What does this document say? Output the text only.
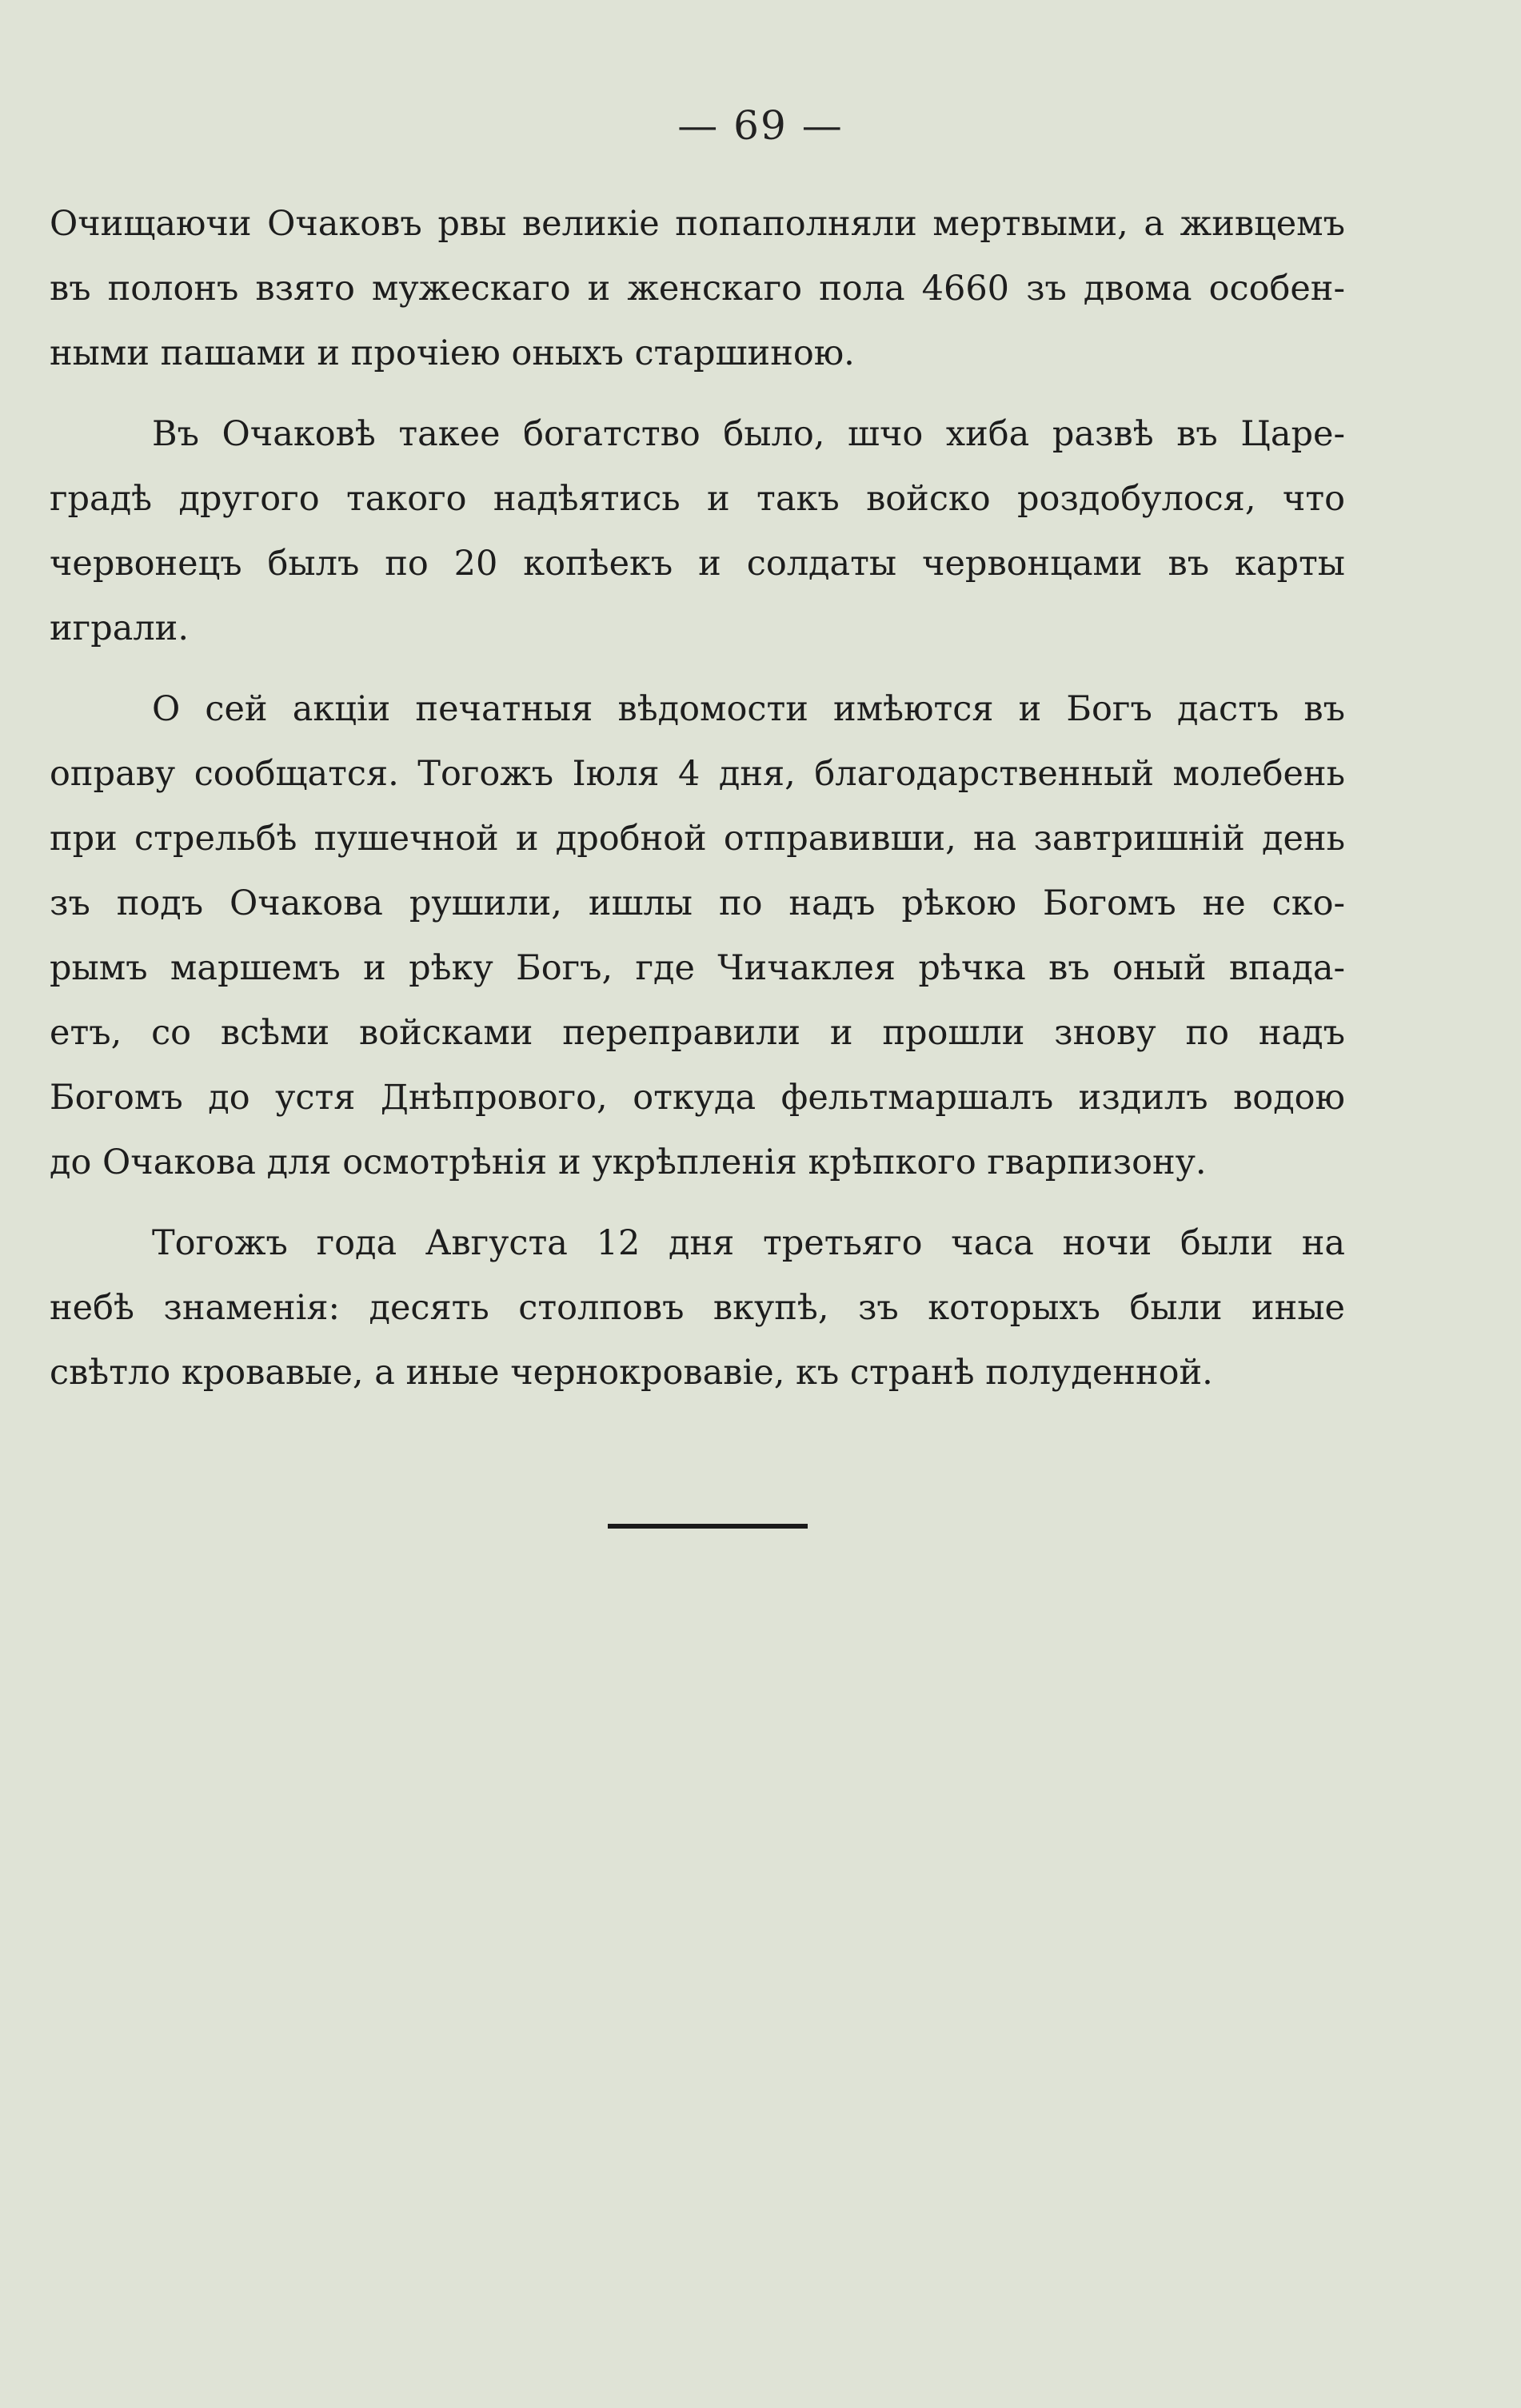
— 69 —
Очищаючи Очаковъ рвы великіе попаполняли мертвыми, а живцемъ
въ полонъ взято мужескаго и женскаго пола 4660 зъ двома особен-
ными пашами и прочіею оныхъ старшиною.
Въ Очаковѣ такее богатство было, шчо хиба развѣ въ Царе-
градѣ другого такого надѣятись и такъ войско роздобулося, что
червонецъ былъ по 20 копѣекъ и солдаты червонцами въ карты
играли.
О сей акціи печатныя вѣдомости имѣются и Богъ дастъ въ
оправу сообщатся. Тогожъ Іюля 4 дня, благодарственный молебень
при стрельбѣ пушечной и дробной отправивши, на завтришній день
зъ подъ Очакова рушили, ишлы по надъ рѣкою Богомъ не ско-
рымъ маршемъ и рѣку Богъ, где Чичаклея рѣчка въ оный впада-
етъ, со всѣми войсками переправили и прошли знову по надъ
Богомъ до устя Днѣпрового, откуда фельтмаршалъ издилъ водою
до Очакова для осмотрѣнія и укрѣпленія крѣпкого гварпизону.
Тогожъ года Августа 12 дня третьяго часа ночи были на
небѣ знаменія: десять столповъ вкупѣ, зъ которыхъ были иные
свѣтло кровавые, а иные чернокровавіе, къ странѣ полуденной.
